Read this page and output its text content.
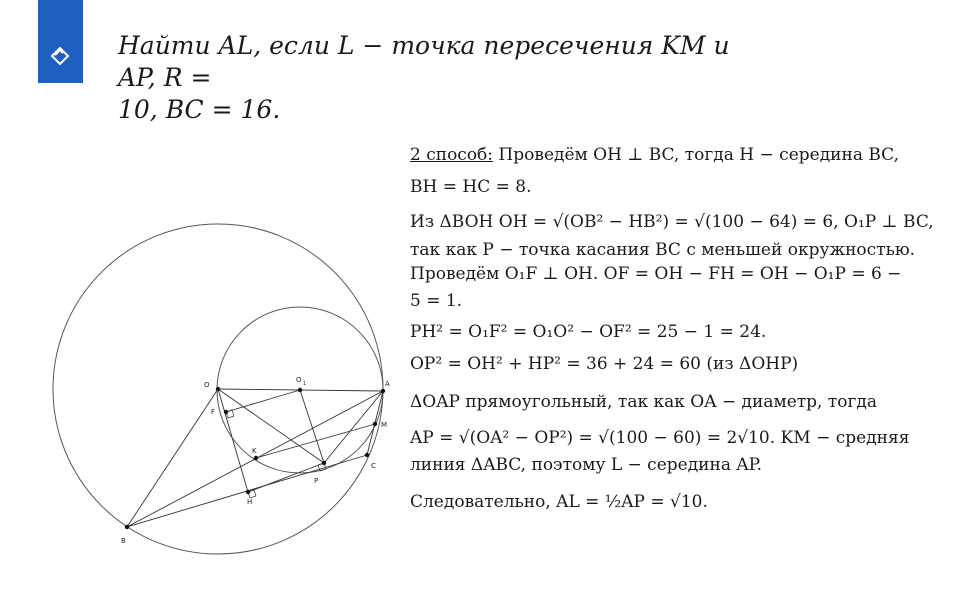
Найти AL, если L − точка пересечения KM и AP, R =
10, BC = 16.
O
O 1	A
F
M
K
C
P
H
B
2 способ: Проведём OH ⊥ BC, тогда H − середина BC,
BH = HC = 8.
Из ΔBOH OH = √(OB² − HB²) = √(100 − 64) = 6, O₁P ⊥ BC,
так как P − точка касания BC с меньшей окружностью.
Проведём O₁F ⊥ OH. OF = OH − FH = OH − O₁P = 6 −
5 = 1.
PH² = O₁F² = O₁O² − OF² = 25 − 1 = 24.
OP² = OH² + HP² = 36 + 24 = 60 (из ΔOHP)
ΔOAP прямоугольный, так как OA − диаметр, тогда
AP = √(OA² − OP²) = √(100 − 60) = 2√10. KM − средняя
линия ΔABC, поэтому L − середина AP.
Следовательно, AL = ½AP = √10.
